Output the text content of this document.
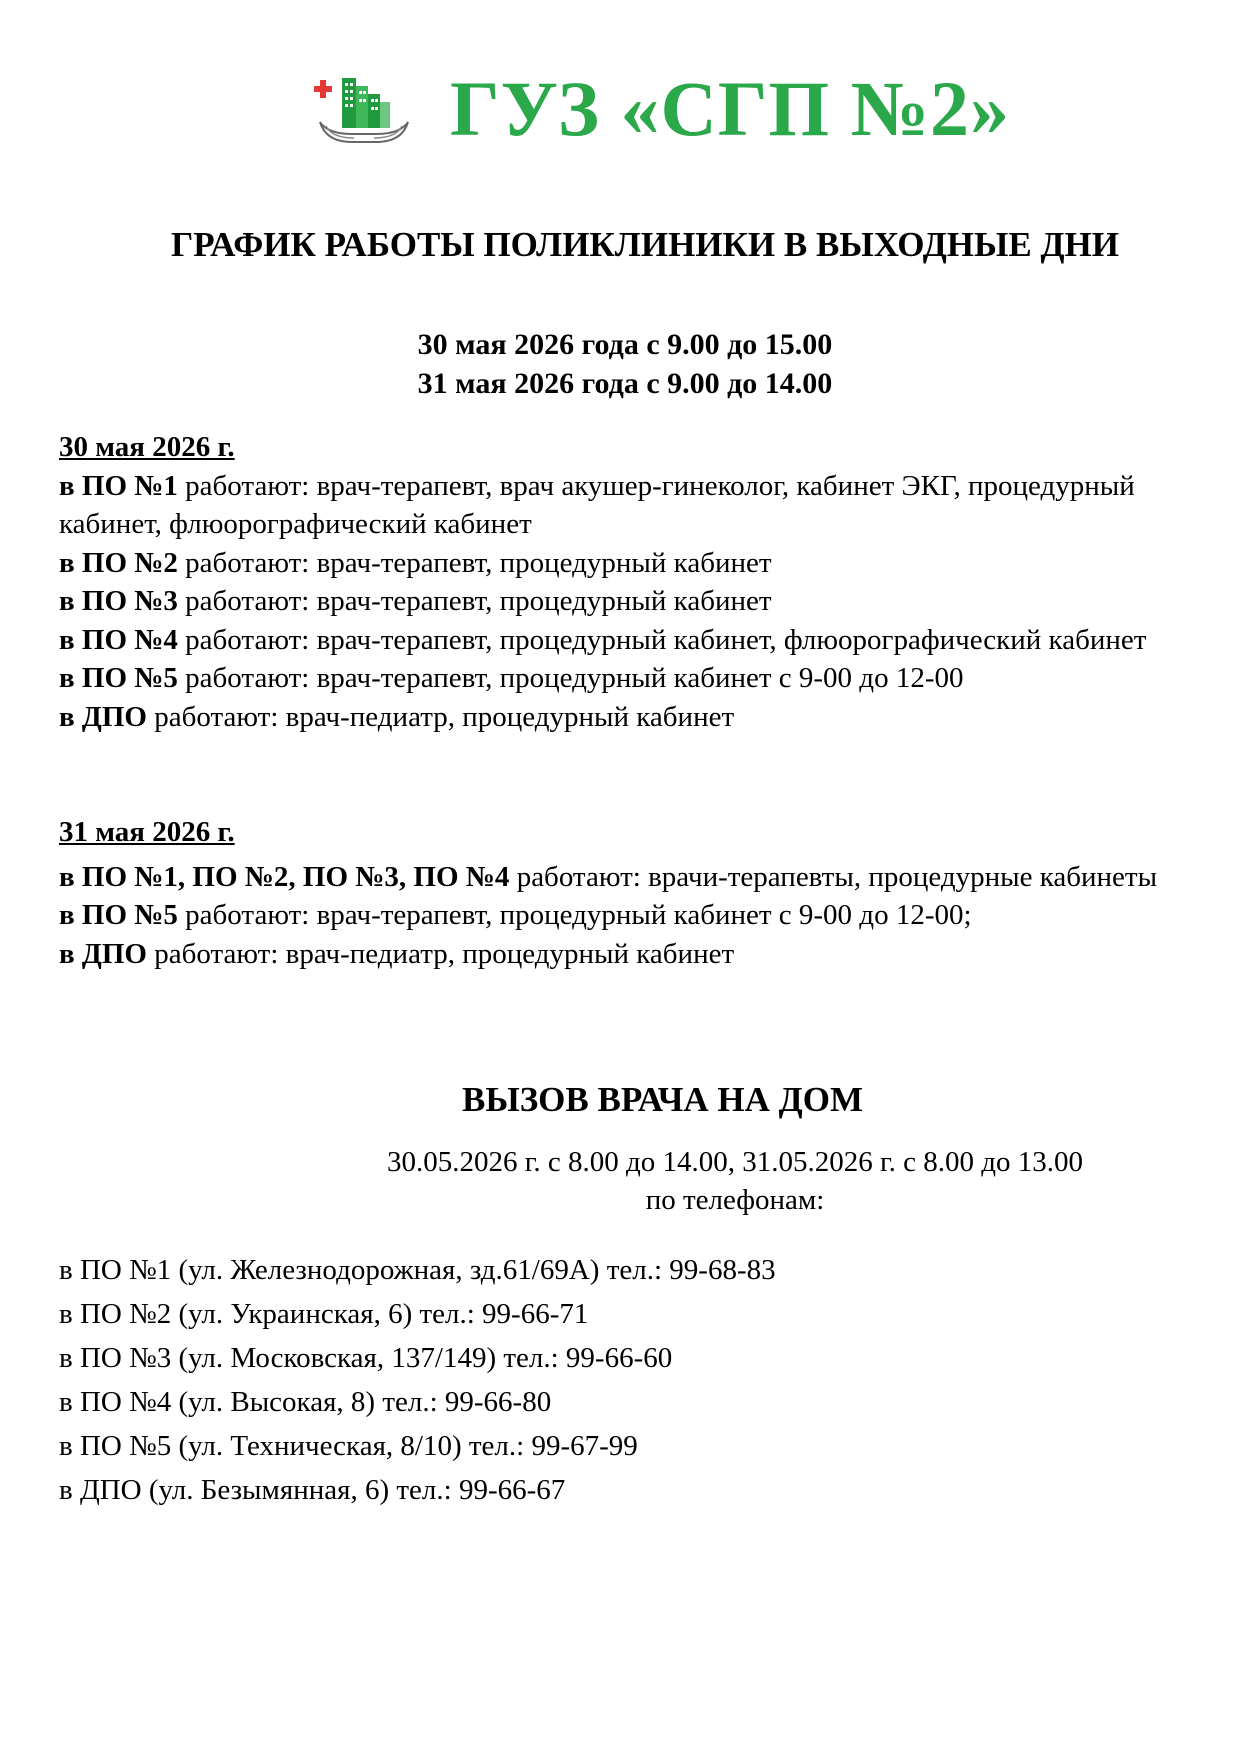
ГУЗ «СГП №2»
ГРАФИК РАБОТЫ ПОЛИКЛИНИКИ В ВЫХОДНЫЕ ДНИ
30 мая 2026 года с 9.00 до 15.00
31 мая 2026 года с 9.00 до 14.00
30 мая 2026 г.
в ПО №1 работают: врач-терапевт, врач акушер-гинеколог, кабинет ЭКГ, процедурный кабинет, флюорографический кабинет
в ПО №2 работают: врач-терапевт, процедурный кабинет
в ПО №3 работают: врач-терапевт, процедурный кабинет
в ПО №4 работают: врач-терапевт, процедурный кабинет, флюорографический кабинет
в ПО №5 работают: врач-терапевт, процедурный кабинет с 9-00 до 12-00
в ДПО работают: врач-педиатр, процедурный кабинет
31 мая 2026 г.
в ПО №1, ПО №2, ПО №3, ПО №4 работают: врачи-терапевты, процедурные кабинеты
в ПО №5 работают: врач-терапевт, процедурный кабинет с 9-00 до 12-00;
в ДПО работают: врач-педиатр, процедурный кабинет
ВЫЗОВ ВРАЧА НА ДОМ
30.05.2026 г. с 8.00 до 14.00, 31.05.2026 г. с 8.00 до 13.00
по телефонам:
в ПО №1 (ул. Железнодорожная, зд.61/69А) тел.: 99-68-83
в ПО №2 (ул. Украинская, 6) тел.: 99-66-71
в ПО №3 (ул. Московская, 137/149) тел.: 99-66-60
в ПО №4 (ул. Высокая, 8) тел.: 99-66-80
в ПО №5 (ул. Техническая, 8/10) тел.: 99-67-99
в ДПО (ул. Безымянная, 6) тел.: 99-66-67
